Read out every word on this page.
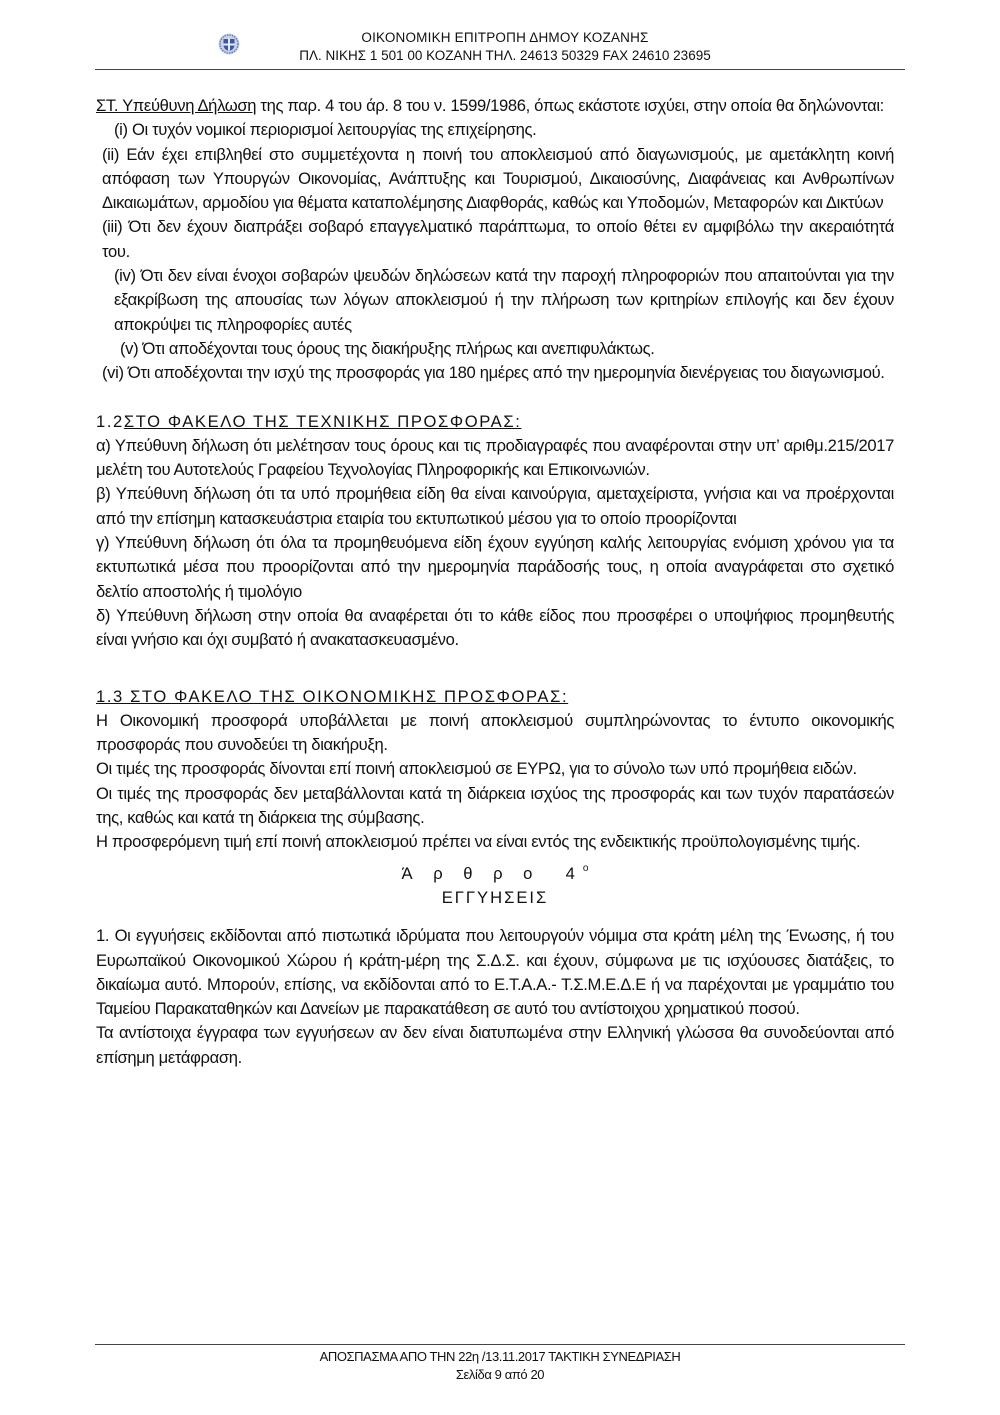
ΟΙΚΟΝΟΜΙΚΗ ΕΠΙΤΡΟΠΗ ΔΗΜΟΥ ΚΟΖΑΝΗΣ
ΠΛ. ΝΙΚΗΣ 1 501 00 ΚΟΖΑΝΗ ΤΗΛ. 24613 50329 FAX 24610 23695

ΣΤ. Υπεύθυνη Δήλωση της παρ. 4 του άρ. 8 του ν. 1599/1986, όπως εκάστοτε ισχύει, στην οποία θα δηλώνονται:

(i) Οι τυχόν νομικοί περιορισμοί λειτουργίας της επιχείρησης.

(ii) Εάν έχει επιβληθεί στο συμμετέχοντα η ποινή του αποκλεισμού από διαγωνισμούς, με αμετάκλητη κοινή απόφαση των Υπουργών Οικονομίας, Ανάπτυξης και Τουρισμού, Δικαιοσύνης, Διαφάνειας και Ανθρωπίνων Δικαιωμάτων, αρμοδίου για θέματα καταπολέμησης Διαφθοράς, καθώς και Υποδομών, Μεταφορών και Δικτύων

(iii) Ότι δεν έχουν διαπράξει σοβαρό επαγγελματικό παράπτωμα, το οποίο θέτει εν αμφιβόλω την ακεραιότητά του.

(iv) Ότι δεν είναι ένοχοι σοβαρών ψευδών δηλώσεων κατά την παροχή πληροφοριών που απαιτούνται για την εξακρίβωση της απουσίας των λόγων αποκλεισμού ή την πλήρωση των κριτηρίων επιλογής και δεν έχουν αποκρύψει τις πληροφορίες αυτές

(v) Ότι αποδέχονται τους όρους της διακήρυξης πλήρως και ανεπιφυλάκτως.

(vi) Ότι αποδέχονται την ισχύ της προσφοράς για 180 ημέρες από την ημερομηνία διενέργειας του διαγωνισμού.

1.2ΣΤΟ ΦΑΚΕΛΟ ΤΗΣ ΤΕΧΝΙΚΗΣ ΠΡΟΣΦΟΡΑΣ:

α) Υπεύθυνη δήλωση ότι μελέτησαν τους όρους και τις προδιαγραφές που αναφέρονται στην υπ’ αριθμ.215/2017 μελέτη του Αυτοτελούς Γραφείου Τεχνολογίας Πληροφορικής και Επικοινωνιών.

β) Υπεύθυνη δήλωση ότι τα υπό προμήθεια είδη θα είναι καινούργια, αμεταχείριστα, γνήσια και να προέρχονται από την επίσημη κατασκευάστρια εταιρία του εκτυπωτικού μέσου για το οποίο προορίζονται

γ) Υπεύθυνη δήλωση ότι όλα τα προμηθευόμενα είδη έχουν εγγύηση καλής λειτουργίας ενόμιση χρόνου για τα εκτυπωτικά μέσα που προορίζονται από την ημερομηνία παράδοσής τους, η οποία αναγράφεται στο σχετικό δελτίο αποστολής ή τιμολόγιο

δ) Υπεύθυνη δήλωση στην οποία θα αναφέρεται ότι το κάθε είδος που προσφέρει ο υποψήφιος προμηθευτής είναι γνήσιο και όχι συμβατό ή ανακατασκευασμένο.

1.3 ΣΤΟ ΦΑΚΕΛΟ ΤΗΣ ΟΙΚΟΝΟΜΙΚΗΣ ΠΡΟΣΦΟΡΑΣ:

Η Οικονομική προσφορά υποβάλλεται με ποινή αποκλεισμού συμπληρώνοντας το έντυπο οικονομικής προσφοράς που συνοδεύει τη διακήρυξη.

Οι τιμές της προσφοράς δίνονται επί ποινή αποκλεισμού σε ΕΥΡΩ, για το σύνολο των υπό προμήθεια ειδών.

Οι τιμές της προσφοράς δεν μεταβάλλονται κατά τη διάρκεια ισχύος της προσφοράς και των τυχόν παρατάσεών της, καθώς και κατά τη διάρκεια της σύμβασης.

Η προσφερόμενη τιμή επί ποινή αποκλεισμού πρέπει να είναι εντός της ενδεικτικής προϋπολογισμένης τιμής.

Ά ρ θ ρ ο $4^o$

ΕΓΓΥΗΣΕΙΣ

1. Οι εγγυήσεις εκδίδονται από πιστωτικά ιδρύματα που λειτουργούν νόμιμα στα κράτη μέλη της Ένωσης, ή του Ευρωπαϊκού Οικονομικού Χώρου ή κράτη-μέρη της Σ.Δ.Σ. και έχουν, σύμφωνα με τις ισχύουσες διατάξεις, το δικαίωμα αυτό. Μπορούν, επίσης, να εκδίδονται από το Ε.Τ.Α.Α.- Τ.Σ.Μ.Ε.Δ.Ε ή να παρέχονται με γραμμάτιο του Ταμείου Παρακαταθηκών και Δανείων με παρακατάθεση σε αυτό του αντίστοιχου χρηματικού ποσού.

Τα αντίστοιχα έγγραφα των εγγυήσεων αν δεν είναι διατυπωμένα στην Ελληνική γλώσσα θα συνοδεύονται από επίσημη μετάφραση.

ΑΠΟΣΠΑΣΜΑ ΑΠΟ ΤΗΝ 22η /13.11.2017 ΤΑΚΤΙΚΗ ΣΥΝΕΔΡΙΑΣΗ
Σελίδα 9 από 20
